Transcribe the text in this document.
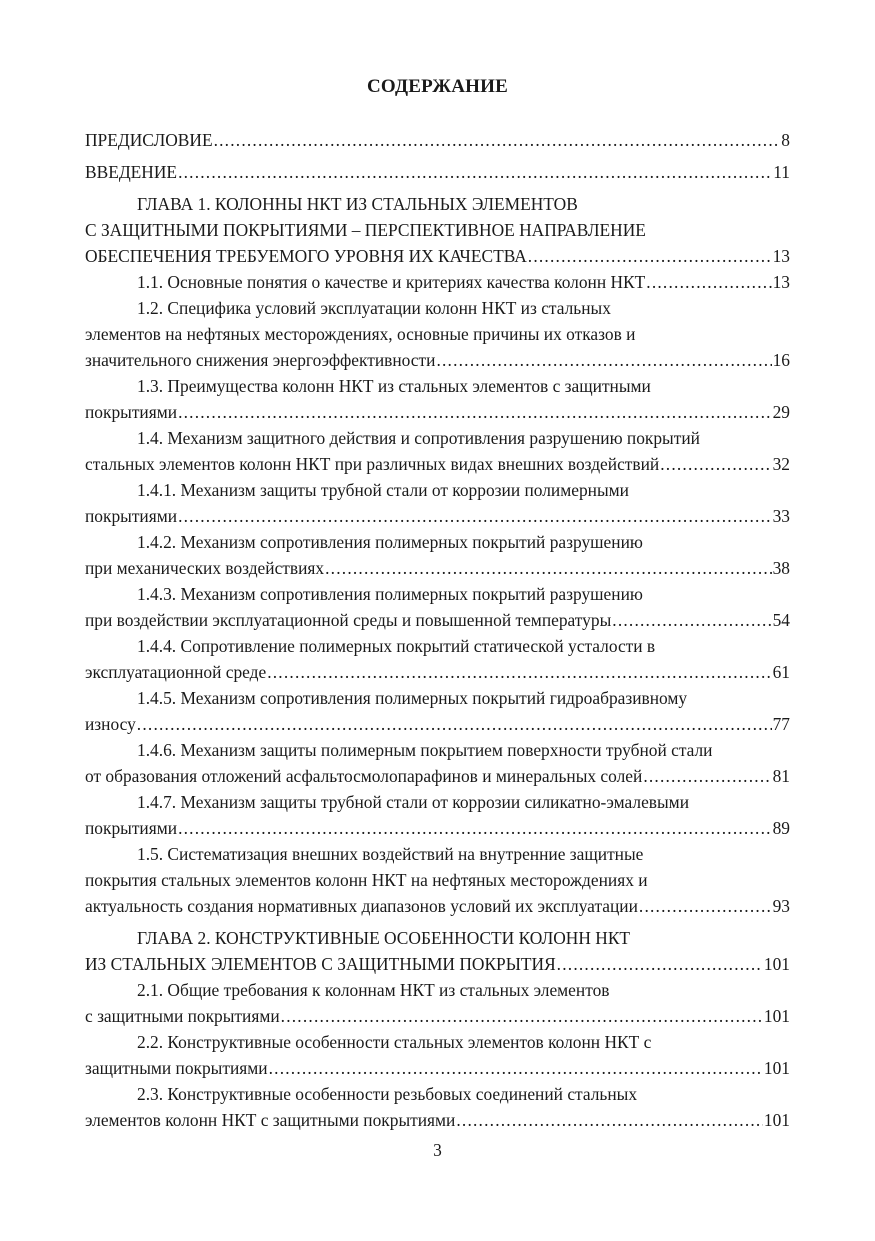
СОДЕРЖАНИЕ
ПРЕДИСЛОВИЕ .....	8
ВВЕДЕНИЕ .....	11
ГЛАВА 1. КОЛОННЫ НКТ ИЗ СТАЛЬНЫХ ЭЛЕМЕНТОВ
С ЗАЩИТНЫМИ ПОКРЫТИЯМИ – ПЕРСПЕКТИВНОЕ НАПРАВЛЕНИЕ
ОБЕСПЕЧЕНИЯ ТРЕБУЕМОГО УРОВНЯ ИХ КАЧЕСТВА .....	13
1.1. Основные понятия о качестве и критериях качества колонн НКТ .....	13
1.2. Специфика условий эксплуатации колонн НКТ из стальных
элементов на нефтяных месторождениях, основные причины их отказов и
значительного снижения энергоэффективности .....	16
1.3. Преимущества колонн НКТ из стальных элементов с защитными
покрытиями .....	29
1.4. Механизм защитного действия и сопротивления разрушению покрытий
стальных элементов колонн НКТ при различных видах внешних воздействий .....	32
1.4.1. Механизм защиты трубной стали от коррозии полимерными
покрытиями .....	33
1.4.2. Механизм сопротивления полимерных покрытий разрушению
при механических воздействиях .....	38
1.4.3. Механизм сопротивления полимерных покрытий разрушению
при воздействии эксплуатационной среды и повышенной температуры .....	54
1.4.4. Сопротивление полимерных покрытий статической усталости в
эксплуатационной среде .....	61
1.4.5. Механизм сопротивления полимерных покрытий гидроабразивному
износу .....	77
1.4.6. Механизм защиты полимерным покрытием поверхности трубной стали
от образования отложений асфальтосмолопарафинов и минеральных солей .....	81
1.4.7. Механизм защиты трубной стали от коррозии силикатно-эмалевыми
покрытиями .....	89
1.5. Систематизация внешних воздействий на внутренние защитные
покрытия стальных элементов колонн НКТ на нефтяных месторождениях и
актуальность создания нормативных диапазонов условий их эксплуатации .....	93
ГЛАВА 2. КОНСТРУКТИВНЫЕ ОСОБЕННОСТИ КОЛОНН НКТ
ИЗ СТАЛЬНЫХ ЭЛЕМЕНТОВ С ЗАЩИТНЫМИ ПОКРЫТИЯ .....	101
2.1. Общие требования к колоннам НКТ из стальных элементов
с защитными покрытиями .....	101
2.2. Конструктивные особенности стальных элементов колонн НКТ с
защитными покрытиями .....	101
2.3. Конструктивные особенности резьбовых соединений стальных
элементов колонн НКТ с защитными покрытиями .....	101
3
